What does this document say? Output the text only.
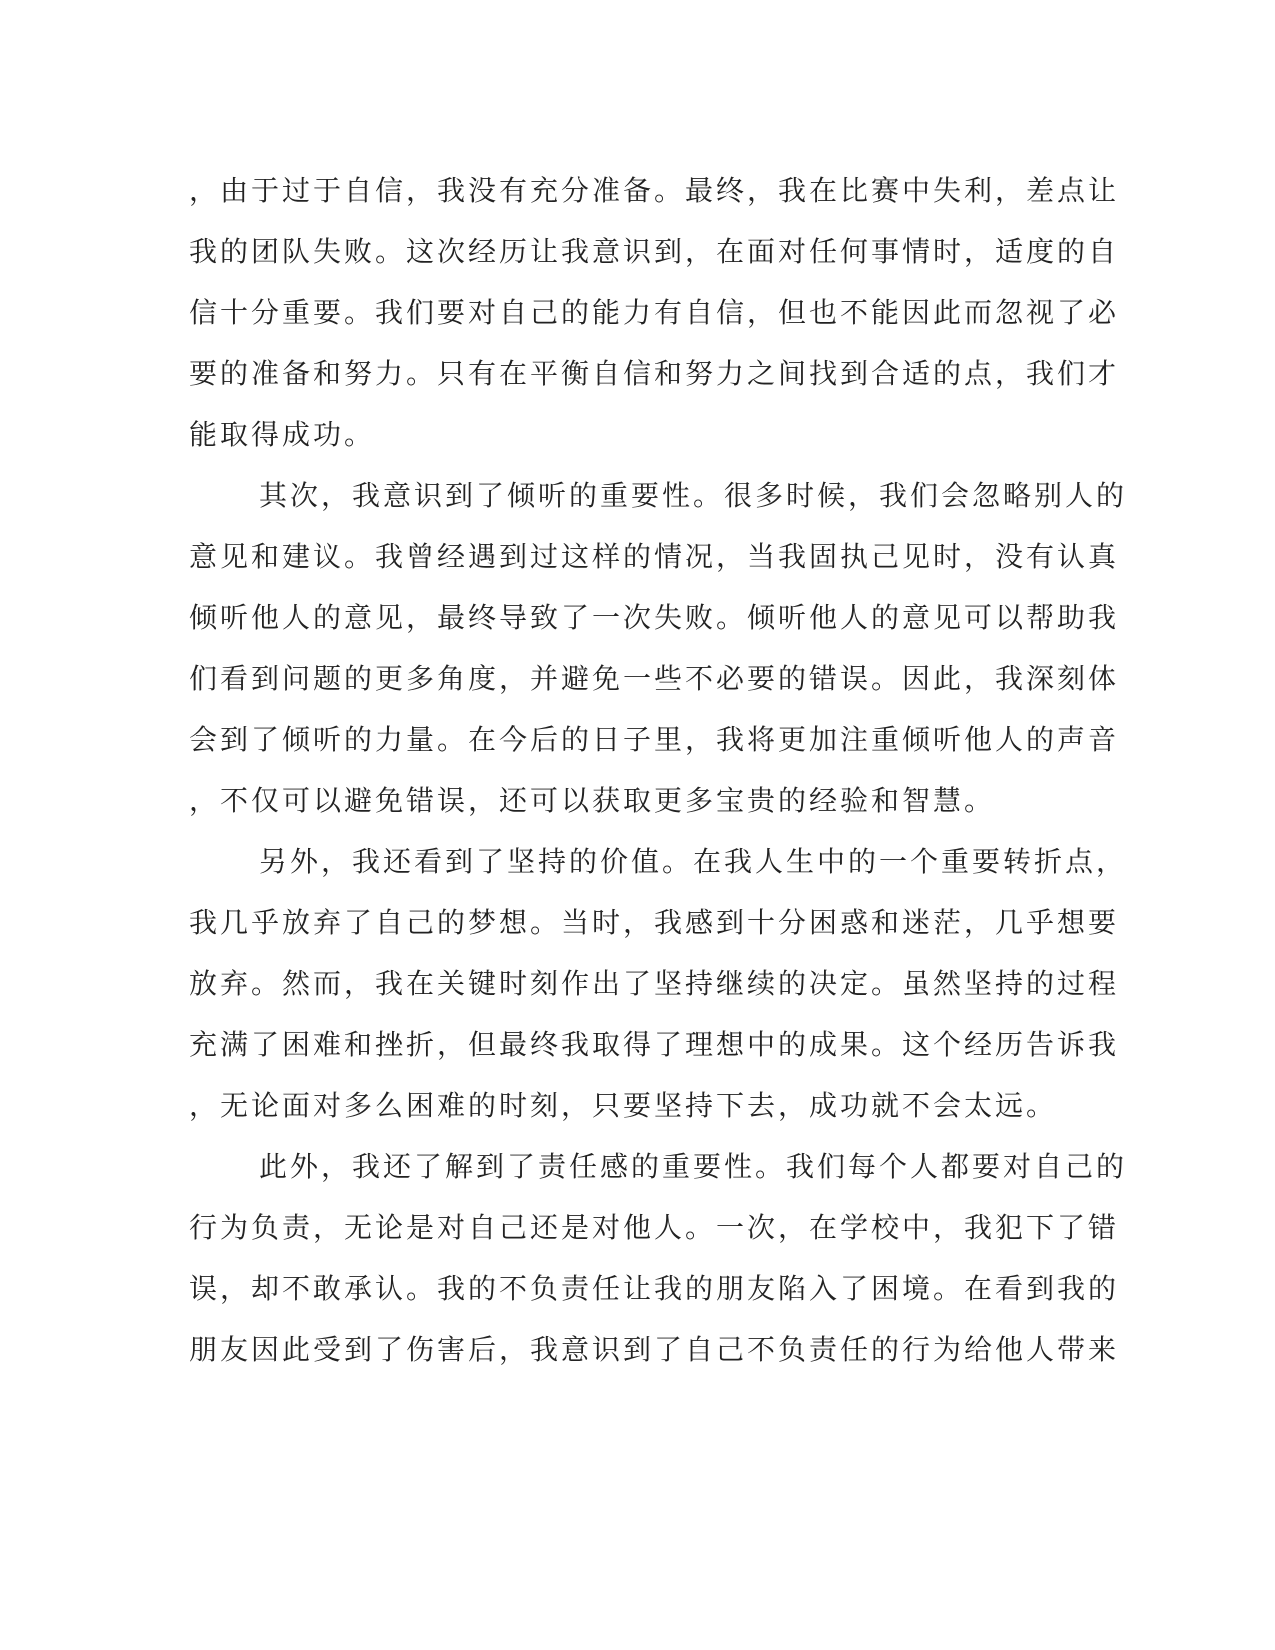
，由于过于自信，我没有充分准备。最终，我在比赛中失利，差点让
我的团队失败。这次经历让我意识到，在面对任何事情时，适度的自
信十分重要。我们要对自己的能力有自信，但也不能因此而忽视了必
要的准备和努力。只有在平衡自信和努力之间找到合适的点，我们才
能取得成功。
其次，我意识到了倾听的重要性。很多时候，我们会忽略别人的
意见和建议。我曾经遇到过这样的情况，当我固执己见时，没有认真
倾听他人的意见，最终导致了一次失败。倾听他人的意见可以帮助我
们看到问题的更多角度，并避免一些不必要的错误。因此，我深刻体
会到了倾听的力量。在今后的日子里，我将更加注重倾听他人的声音
，不仅可以避免错误，还可以获取更多宝贵的经验和智慧。
另外，我还看到了坚持的价值。在我人生中的一个重要转折点，
我几乎放弃了自己的梦想。当时，我感到十分困惑和迷茫，几乎想要
放弃。然而，我在关键时刻作出了坚持继续的决定。虽然坚持的过程
充满了困难和挫折，但最终我取得了理想中的成果。这个经历告诉我
，无论面对多么困难的时刻，只要坚持下去，成功就不会太远。
此外，我还了解到了责任感的重要性。我们每个人都要对自己的
行为负责，无论是对自己还是对他人。一次，在学校中，我犯下了错
误，却不敢承认。我的不负责任让我的朋友陷入了困境。在看到我的
朋友因此受到了伤害后，我意识到了自己不负责任的行为给他人带来
